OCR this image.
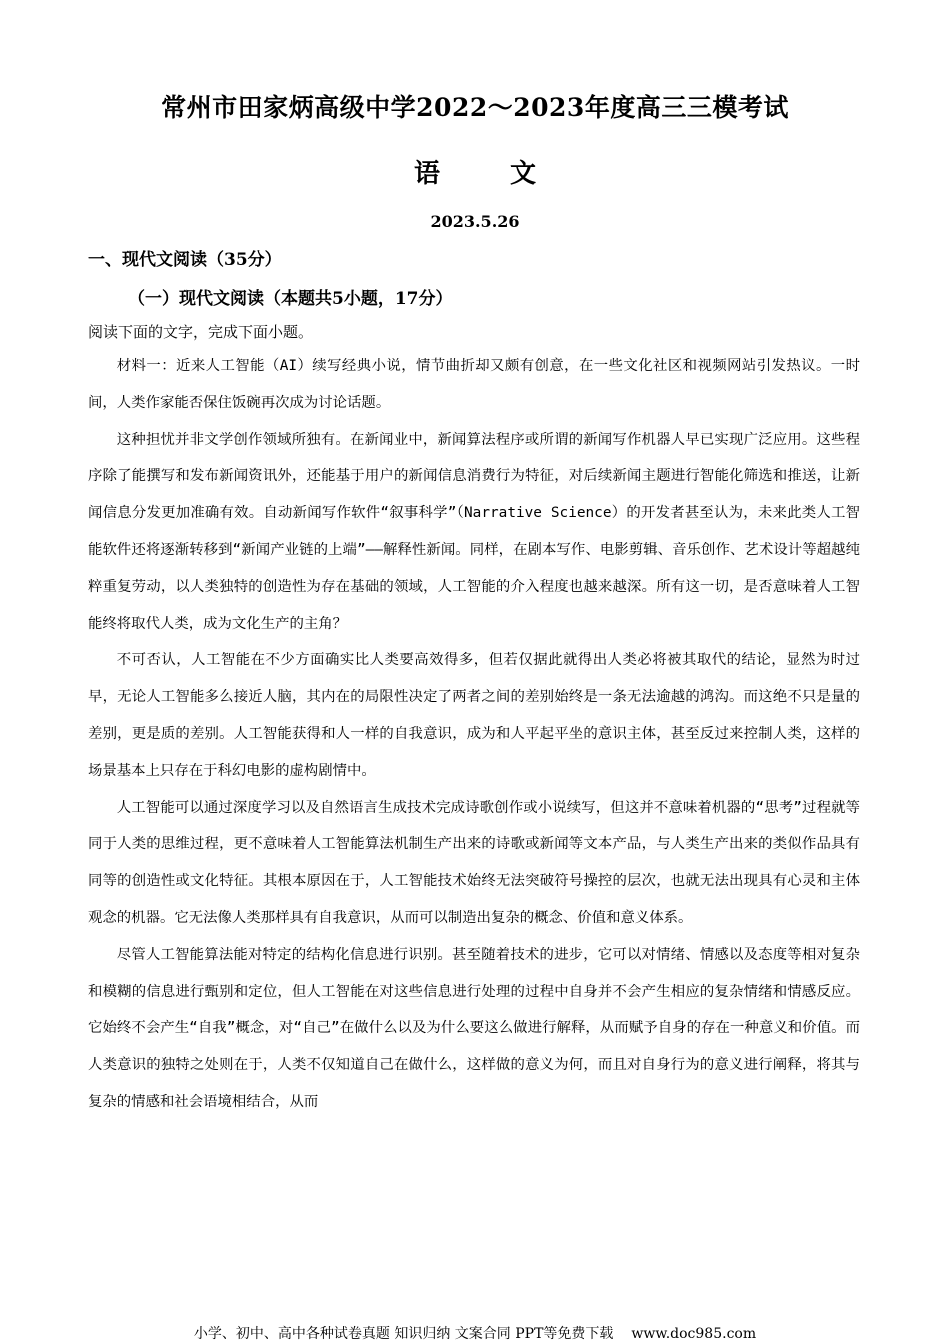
常州市田家炳高级中学2022～2023年度高三三模考试
语	文
2023.5.26
一、现代文阅读（35分）
（一）现代文阅读（本题共5小题，17分）
阅读下面的文字，完成下面小题。

材料一：近来人工智能（AI）续写经典小说，情节曲折却又颇有创意，在一些文化社区和视频网站引发热议。一时间，人类作家能否保住饭碗再次成为讨论话题。

这种担忧并非文学创作领域所独有。在新闻业中，新闻算法程序或所谓的新闻写作机器人早已实现广泛应用。这些程序除了能撰写和发布新闻资讯外，还能基于用户的新闻信息消费行为特征，对后续新闻主题进行智能化筛选和推送，让新闻信息分发更加准确有效。自动新闻写作软件“叙事科学”（Narrative Science）的开发者甚至认为，未来此类人工智能软件还将逐渐转移到“新闻产业链的上端”——解释性新闻。同样，在剧本写作、电影剪辑、音乐创作、艺术设计等超越纯粹重复劳动，以人类独特的创造性为存在基础的领域，人工智能的介入程度也越来越深。所有这一切，是否意味着人工智能终将取代人类，成为文化生产的主角？

不可否认，人工智能在不少方面确实比人类要高效得多，但若仅据此就得出人类必将被其取代的结论，显然为时过早，无论人工智能多么接近人脑，其内在的局限性决定了两者之间的差别始终是一条无法逾越的鸿沟。而这绝不只是量的差别，更是质的差别。人工智能获得和人一样的自我意识，成为和人平起平坐的意识主体，甚至反过来控制人类，这样的场景基本上只存在于科幻电影的虚构剧情中。

人工智能可以通过深度学习以及自然语言生成技术完成诗歌创作或小说续写，但这并不意味着机器的“思考”过程就等同于人类的思维过程，更不意味着人工智能算法机制生产出来的诗歌或新闻等文本产品，与人类生产出来的类似作品具有同等的创造性或文化特征。其根本原因在于，人工智能技术始终无法突破符号操控的层次，也就无法出现具有心灵和主体观念的机器。它无法像人类那样具有自我意识，从而可以制造出复杂的概念、价值和意义体系。

尽管人工智能算法能对特定的结构化信息进行识别。甚至随着技术的进步，它可以对情绪、情感以及态度等相对复杂和模糊的信息进行甄别和定位，但人工智能在对这些信息进行处理的过程中自身并不会产生相应的复杂情绪和情感反应。它始终不会产生“自我”概念，对“自己”在做什么以及为什么要这么做进行解释，从而赋予自身的存在一种意义和价值。而人类意识的独特之处则在于，人类不仅知道自己在做什么，这样做的意义为何，而且对自身行为的意义进行阐释，将其与复杂的情感和社会语境相结合，从而

小学、初中、高中各种试卷真题 知识归纳 文案合同 PPT等免费下载 www.doc985.com
